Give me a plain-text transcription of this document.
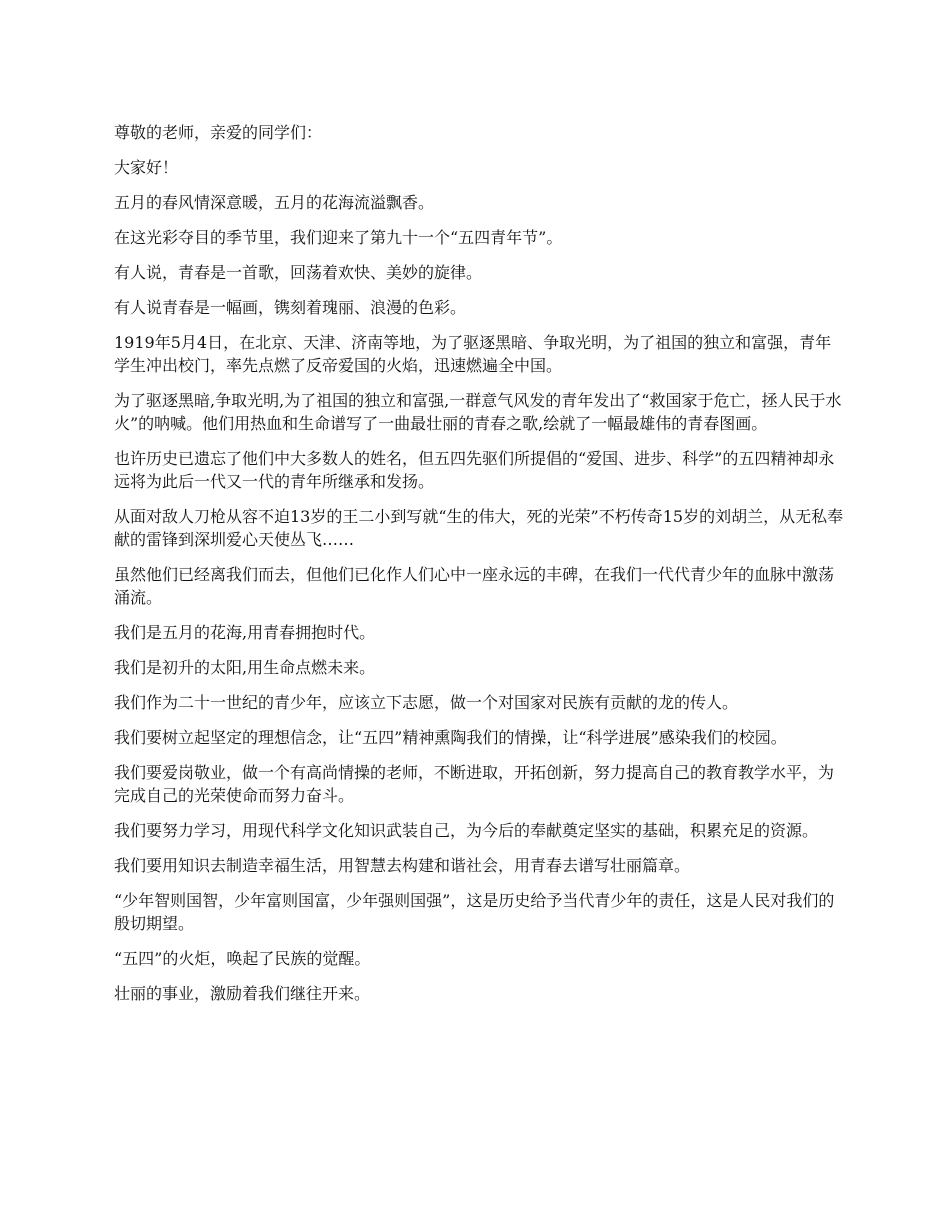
尊敬的老师，亲爱的同学们：

大家好！

五月的春风情深意暖，五月的花海流溢飘香。

在这光彩夺目的季节里，我们迎来了第九十一个“五四青年节”。

有人说，青春是一首歌，回荡着欢快、美妙的旋律。

有人说青春是一幅画，镌刻着瑰丽、浪漫的色彩。

1919年5月4日，在北京、天津、济南等地，为了驱逐黑暗、争取光明，为了祖国的独立和富强，青年学生冲出校门，率先点燃了反帝爱国的火焰，迅速燃遍全中国。

为了驱逐黑暗,争取光明,为了祖国的独立和富强,一群意气风发的青年发出了“救国家于危亡，拯人民于水火”的呐喊。他们用热血和生命谱写了一曲最壮丽的青春之歌,绘就了一幅最雄伟的青春图画。

也许历史已遗忘了他们中大多数人的姓名，但五四先驱们所提倡的“爱国、进步、科学”的五四精神却永远将为此后一代又一代的青年所继承和发扬。

从面对敌人刀枪从容不迫13岁的王二小到写就“生的伟大，死的光荣”不朽传奇15岁的刘胡兰，从无私奉献的雷锋到深圳爱心天使丛飞……

虽然他们已经离我们而去，但他们已化作人们心中一座永远的丰碑，在我们一代代青少年的血脉中激荡涌流。

我们是五月的花海,用青春拥抱时代。

我们是初升的太阳,用生命点燃未来。

我们作为二十一世纪的青少年，应该立下志愿，做一个对国家对民族有贡献的龙的传人。

我们要树立起坚定的理想信念，让“五四”精神熏陶我们的情操，让“科学进展”感染我们的校园。

我们要爱岗敬业，做一个有高尚情操的老师，不断进取，开拓创新，努力提高自己的教育教学水平，为完成自己的光荣使命而努力奋斗。

我们要努力学习，用现代科学文化知识武装自己，为今后的奉献奠定坚实的基础，积累充足的资源。

我们要用知识去制造幸福生活，用智慧去构建和谐社会，用青春去谱写壮丽篇章。

“少年智则国智，少年富则国富，少年强则国强”，这是历史给予当代青少年的责任，这是人民对我们的殷切期望。

“五四”的火炬，唤起了民族的觉醒。

壮丽的事业，激励着我们继往开来。
